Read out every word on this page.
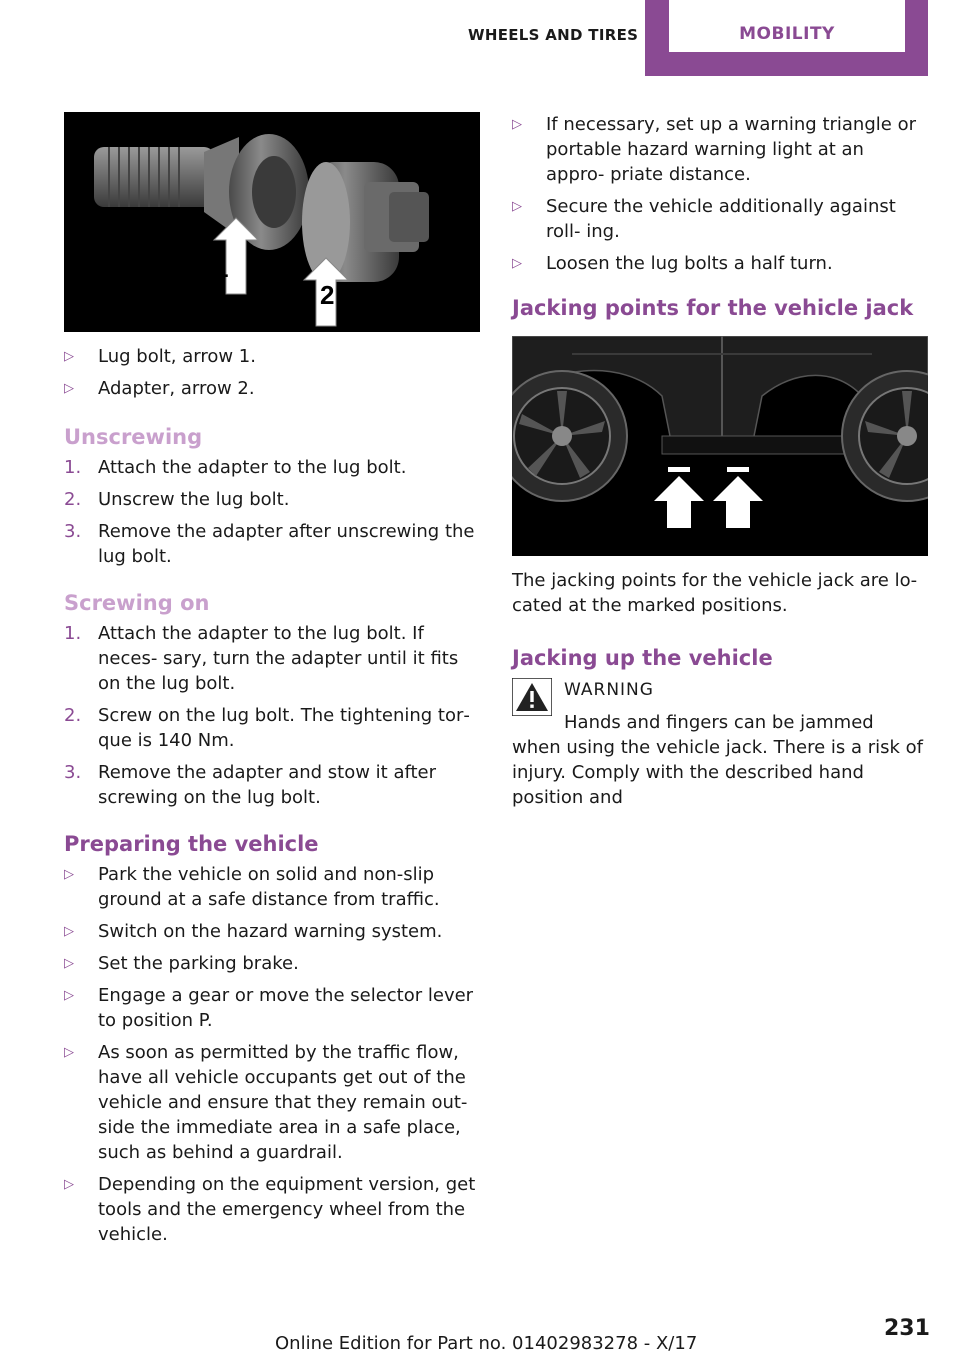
WHEELS AND TIRES	MOBILITY
1
2
▷ Lug bolt, arrow 1.
▷ Adapter, arrow 2.
Unscrewing
1. Attach the adapter to the lug bolt.
2. Unscrew the lug bolt.
3. Remove the adapter after unscrewing the lug bolt.
Screwing on
1. Attach the adapter to the lug bolt. If neces‐ sary, turn the adapter until it fits on the lug bolt.
2. Screw on the lug bolt. The tightening tor‐ que is 140 Nm.
3. Remove the adapter and stow it after screwing on the lug bolt.
Preparing the vehicle
▷ Park the vehicle on solid and non-slip ground at a safe distance from traffic.
▷ Switch on the hazard warning system.
▷ Set the parking brake.
▷ Engage a gear or move the selector lever to position P.
▷ As soon as permitted by the traffic flow, have all vehicle occupants get out of the vehicle and ensure that they remain out‐ side the immediate area in a safe place, such as behind a guardrail.
▷ Depending on the equipment version, get tools and the emergency wheel from the vehicle.
▷ If necessary, set up a warning triangle or portable hazard warning light at an appro‐ priate distance.
▷ Secure the vehicle additionally against roll‐ ing.
▷ Loosen the lug bolts a half turn.
Jacking points for the vehicle jack

The jacking points for the vehicle jack are lo‐ cated at the marked positions.

Jacking up the vehicle
WARNING
Hands and fingers can be jammed when using the vehicle jack. There is a risk of injury. Comply with the described hand position and
Online Edition for Part no. 01402983278 - X/17
231
